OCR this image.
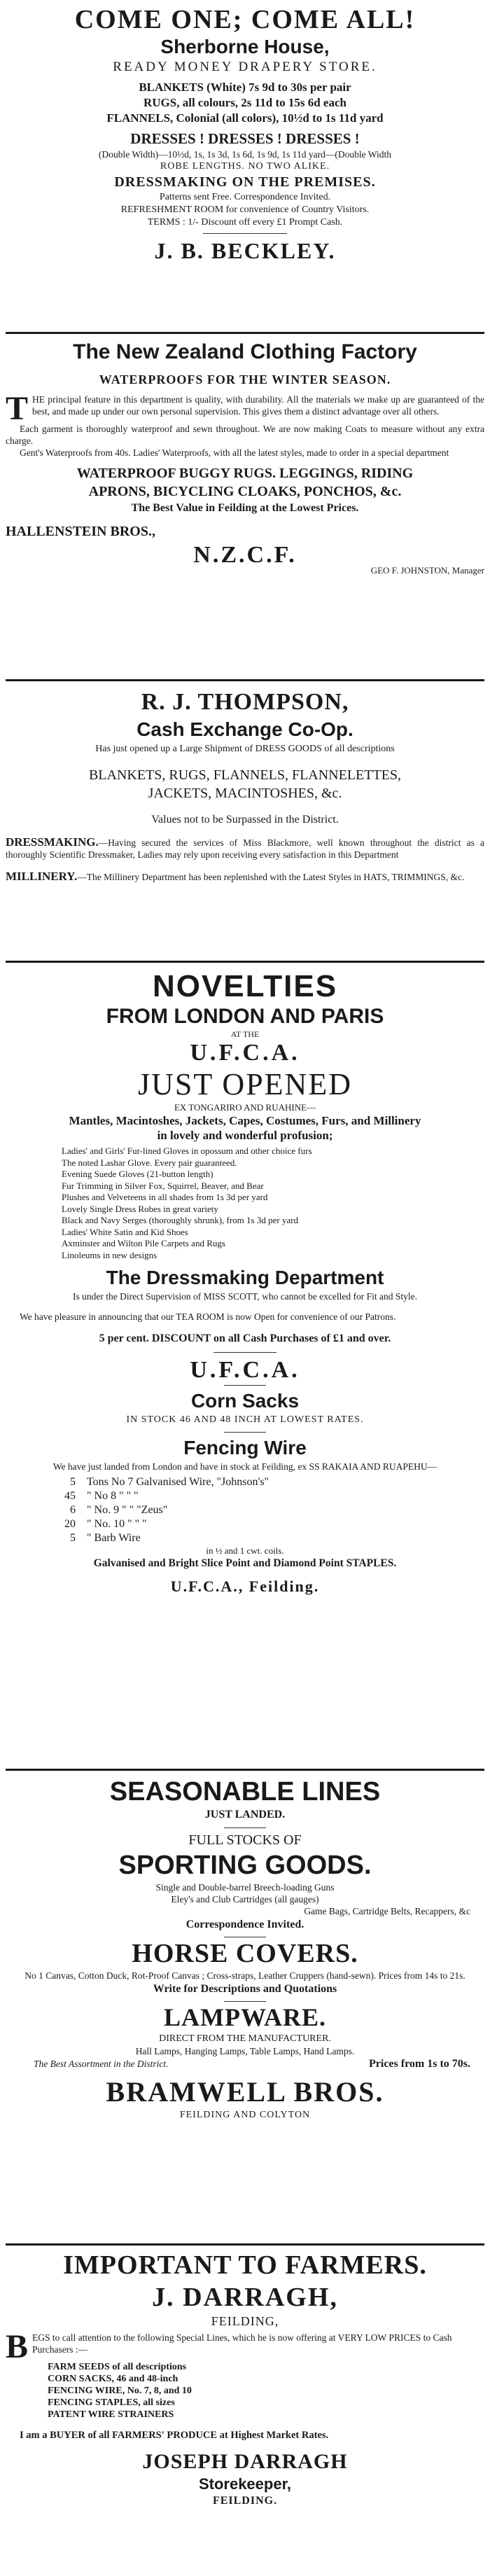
COME ONE; COME ALL!
Sherborne House,
READY MONEY DRAPERY STORE.
BLANKETS (White) 7s 9d to 30s per pair
RUGS, all colours, 2s 11d to 15s 6d each
FLANNELS, Colonial (all colors), 10½d to 1s 11d yard
DRESSES ! DRESSES ! DRESSES !
(Double Width)—10½d, 1s, 1s 3d, 1s 6d, 1s 9d, 1s 11d yard—(Double Width
ROBE LENGTHS. NO TWO ALIKE.
DRESSMAKING ON THE PREMISES.
Patterns sent Free. Correspondence Invited.
REFRESHMENT ROOM for convenience of Country Visitors.
TERMS : 1/- Discount off every £1 Prompt Cash.
J. B. BECKLEY.
The New Zealand Clothing Factory
WATERPROOFS FOR THE WINTER SEASON.
T HE principal feature in this department is quality, with durability. All the materials we make up are guaranteed of the best, and made up under our own personal supervision. This gives them a distinct advantage over all others.

Each garment is thoroughly waterproof and sewn throughout. We are now making Coats to measure without any extra charge.

Gent's Waterproofs from 40s. Ladies' Waterproofs, with all the latest styles, made to order in a special department

WATERPROOF BUGGY RUGS. LEGGINGS, RIDING
APRONS, BICYCLING CLOAKS, PONCHOS, &c.
The Best Value in Feilding at the Lowest Prices.
HALLENSTEIN BROS.,
N.Z.C.F.
GEO F. JOHNSTON, Manager
R. J. THOMPSON,
Cash Exchange Co-Op.
Has just opened up a Large Shipment of DRESS GOODS of all descriptions
BLANKETS, RUGS, FLANNELS, FLANNELETTES,
JACKETS, MACINTOSHES, &c.
Values not to be Surpassed in the District.

DRESSMAKING.—Having secured the services of Miss Blackmore, well known throughout the district as a thoroughly Scientific Dressmaker, Ladies may rely upon receiving every satisfaction in this Department

MILLINERY.—The Millinery Department has been replenished with the Latest Styles in HATS, TRIMMINGS, &c.

NOVELTIES
FROM LONDON AND PARIS
AT THE
U.F.C.A.
JUST OPENED
EX TONGARIRO AND RUAHINE—
Mantles, Macintoshes, Jackets, Capes, Costumes, Furs, and Millinery
in lovely and wonderful profusion;
Ladies' and Girls' Fur-lined Gloves in opossum and other choice furs
The noted Lashar Glove. Every pair guaranteed.
Evening Suede Gloves (21-button length)
Fur Trimming in Silver Fox, Squirrel, Beaver, and Bear
Plushes and Velveteens in all shades from 1s 3d per yard
Lovely Single Dress Robes in great variety
Black and Navy Serges (thoroughly shrunk), from 1s 3d per yard
Ladies' White Satin and Kid Shoes
Axminster and Wilton Pile Carpets and Rugs
Linoleums in new designs
The Dressmaking Department

Is under the Direct Supervision of MISS SCOTT, who cannot be excelled for Fit and Style.

We have pleasure in announcing that our TEA ROOM is now Open for convenience of our Patrons.

5 per cent. DISCOUNT on all Cash Purchases of £1 and over.
U.F.C.A.
Corn Sacks
IN STOCK 46 AND 48 INCH AT LOWEST RATES.
Fencing Wire

We have just landed from London and have in stock at Feilding, ex SS RAKAIA AND RUAPEHU—

5 Tons No 7 Galvanised Wire, "Johnson's"
45 " No 8 " " "
6 " No. 9 " " "Zeus"
20 " No. 10 " " "
5 " Barb Wire
in ½ and 1 cwt. coils.
Galvanised and Bright Slice Point and Diamond Point STAPLES.
U.F.C.A., Feilding.
SEASONABLE LINES
JUST LANDED.
FULL STOCKS OF
SPORTING GOODS.
Single and Double-barrel Breech-loading Guns
Eley's and Club Cartridges (all gauges)
Game Bags, Cartridge Belts, Recappers, &c
Correspondence Invited.
HORSE COVERS.

No 1 Canvas, Cotton Duck, Rot-Proof Canvas ; Cross-straps, Leather Cruppers (hand-sewn). Prices from 14s to 21s.

Write for Descriptions and Quotations
LAMPWARE.
DIRECT FROM THE MANUFACTURER.
Hall Lamps, Hanging Lamps, Table Lamps, Hand Lamps.
The Best Assortment in the District.	Prices from 1s to 70s.
BRAMWELL BROS.
FEILDING AND COLYTON
IMPORTANT TO FARMERS.
J. DARRAGH,
FEILDING,
B EGS to call attention to the following Special Lines, which he is now offering at VERY LOW PRICES to Cash Purchasers :—
FARM SEEDS of all descriptions
CORN SACKS, 46 and 48-inch
FENCING WIRE, No. 7, 8, and 10
FENCING STAPLES, all sizes
PATENT WIRE STRAINERS

I am a BUYER of all FARMERS' PRODUCE at Highest Market Rates.

JOSEPH DARRAGH
Storekeeper,
FEILDING.
